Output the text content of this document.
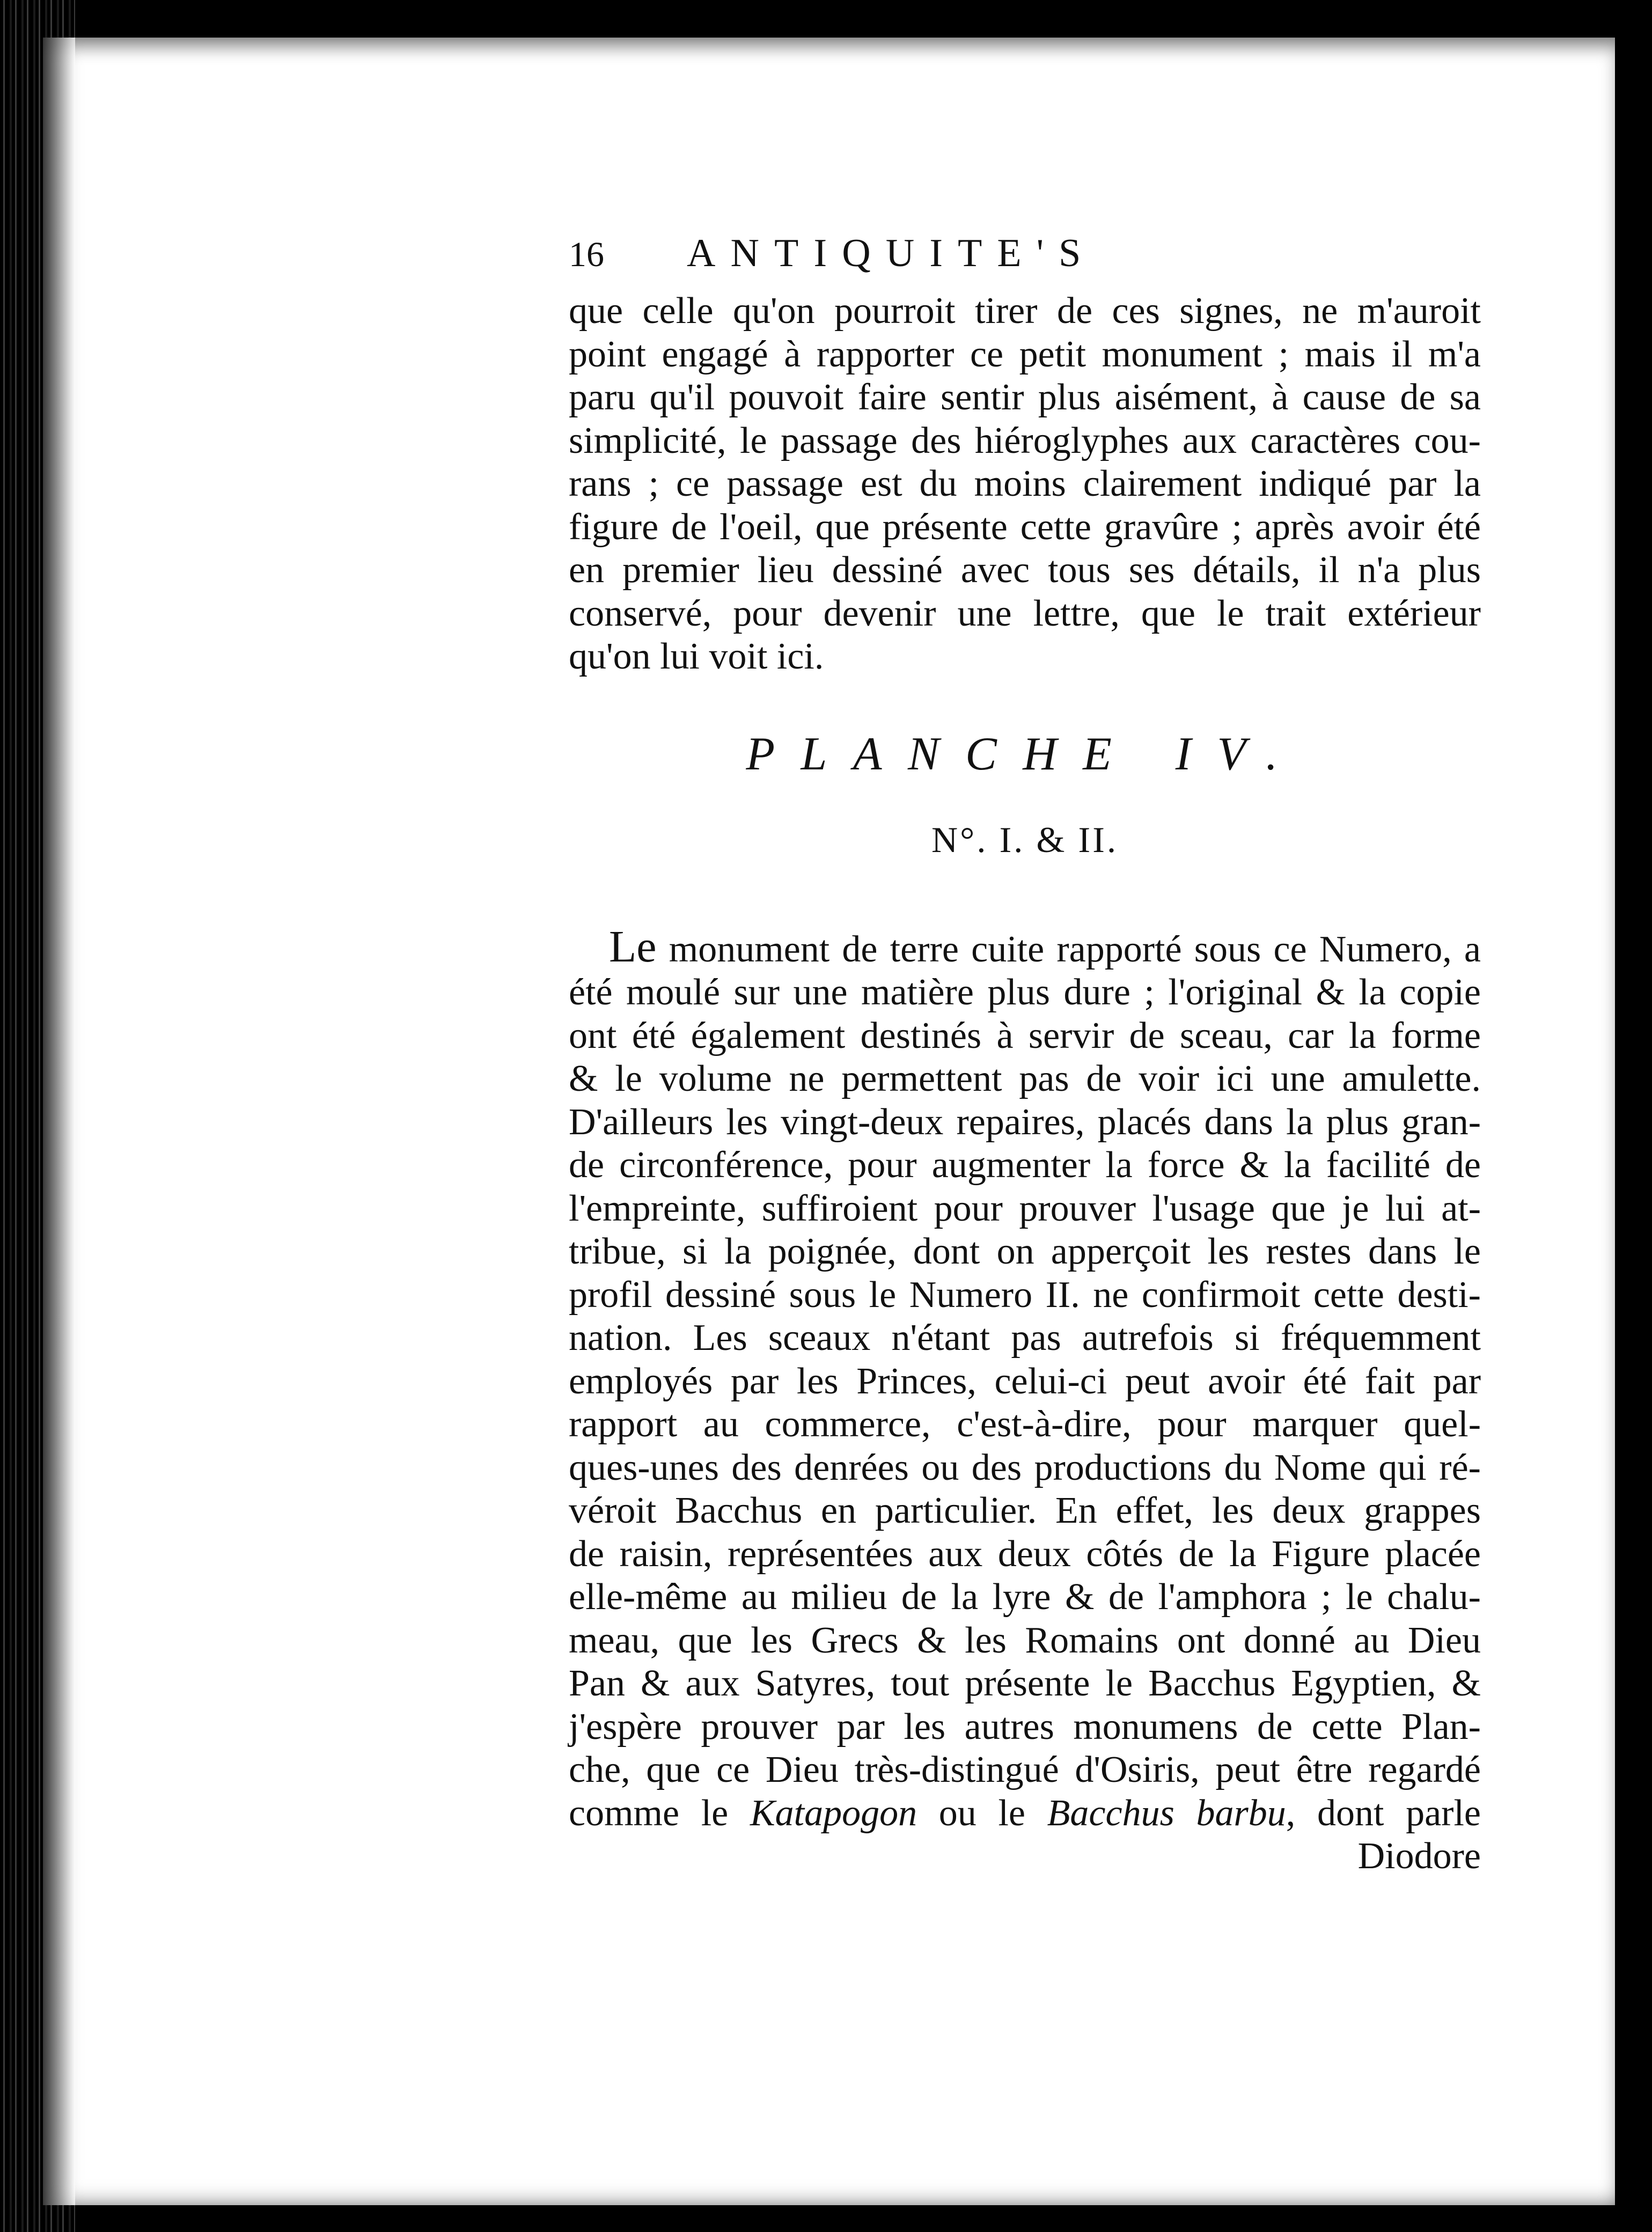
16	ANTIQUITE'S

que celle qu'on pourroit tirer de ces signes, ne m'auroit
point engagé à rapporter ce petit monument ; mais il m'a
paru qu'il pouvoit faire sentir plus aisément, à cause de sa
simplicité, le passage des hiéroglyphes aux caractères cou-
rans ; ce passage est du moins clairement indiqué par la
figure de l'oeil, que présente cette gravûre ; après avoir été
en premier lieu dessiné avec tous ses détails, il n'a plus
conservé, pour devenir une lettre, que le trait extérieur
qu'on lui voit ici.

PLANCHE IV.
N°. I. & II.

Le monument de terre cuite rapporté sous ce Numero, a
été moulé sur une matière plus dure ; l'original & la copie
ont été également destinés à servir de sceau, car la forme
& le volume ne permettent pas de voir ici une amulette.
D'ailleurs les vingt-deux repaires, placés dans la plus gran-
de circonférence, pour augmenter la force & la facilité de
l'empreinte, suffiroient pour prouver l'usage que je lui at-
tribue, si la poignée, dont on apperçoit les restes dans le
profil dessiné sous le Numero II. ne confirmoit cette desti-
nation. Les sceaux n'étant pas autrefois si fréquemment
employés par les Princes, celui-ci peut avoir été fait par
rapport au commerce, c'est-à-dire, pour marquer quel-
ques-unes des denrées ou des productions du Nome qui ré-
véroit Bacchus en particulier. En effet, les deux grappes
de raisin, représentées aux deux côtés de la Figure placée
elle-même au milieu de la lyre & de l'amphora ; le chalu-
meau, que les Grecs & les Romains ont donné au Dieu
Pan & aux Satyres, tout présente le Bacchus Egyptien, &
j'espère prouver par les autres monumens de cette Plan-
che, que ce Dieu très-distingué d'Osiris, peut être regardé
comme le Katapogon ou le Bacchus barbu, dont parle
Diodore
